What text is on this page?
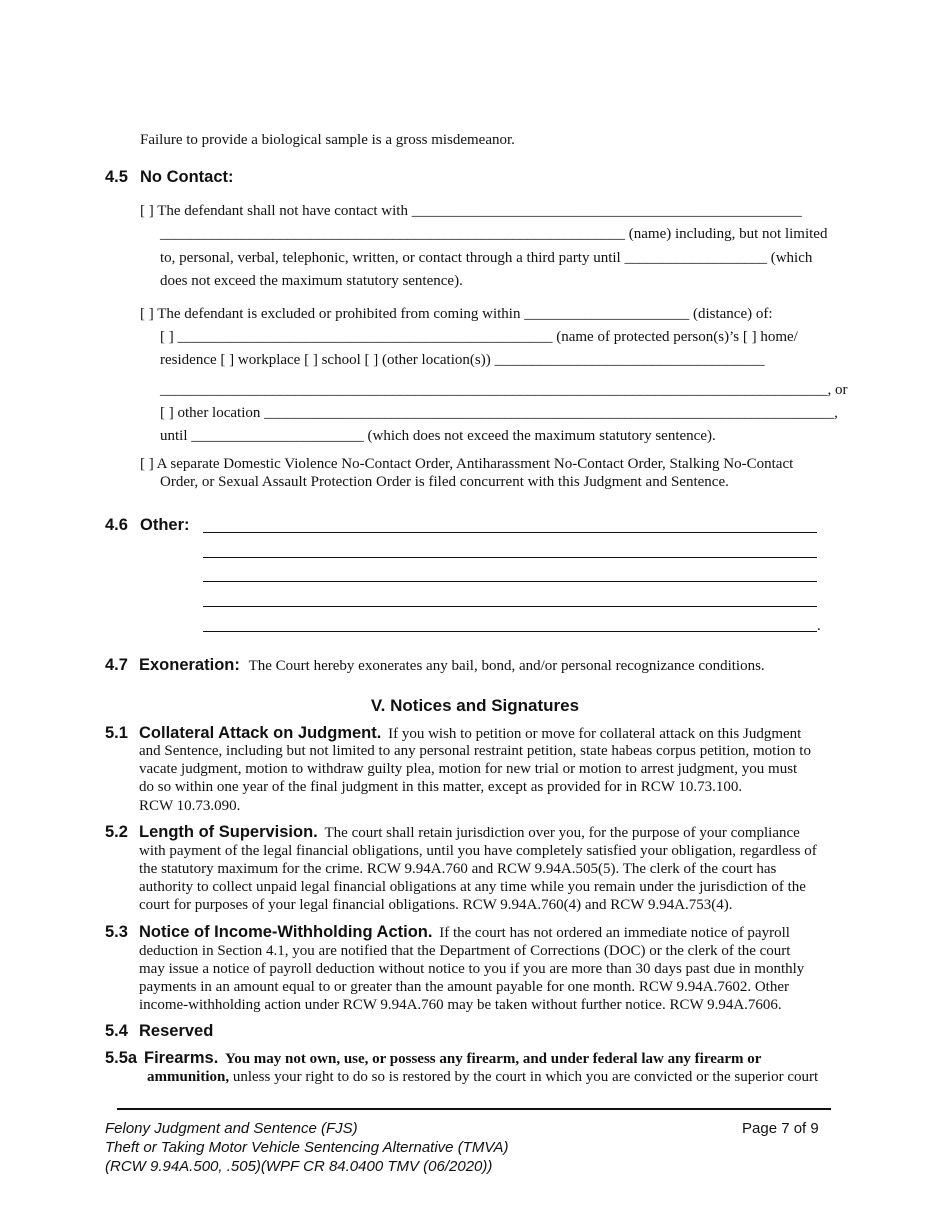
Failure to provide a biological sample is a gross misdemeanor.
4.5 No Contact:
[ ] The defendant shall not have contact with ____________________________________________________
______________________________________________________________ (name) including, but not limited
to, personal, verbal, telephonic, written, or contact through a third party until ___________________ (which
does not exceed the maximum statutory sentence).
[ ] The defendant is excluded or prohibited from coming within ______________________ (distance) of:
[ ] __________________________________________________ (name of protected person(s)’s [ ] home/
residence [ ] workplace [ ] school [ ] (other location(s)) ____________________________________
_________________________________________________________________________________________, or
[ ] other location ____________________________________________________________________________,
until _______________________ (which does not exceed the maximum statutory sentence).
[ ] A separate Domestic Violence No-Contact Order, Antiharassment No-Contact Order, Stalking No-Contact
Order, or Sexual Assault Protection Order is filed concurrent with this Judgment and Sentence.
4.6 Other:
.
4.7 Exoneration: The Court hereby exonerates any bail, bond, and/or personal recognizance conditions.
V. Notices and Signatures
5.1 Collateral Attack on Judgment. If you wish to petition or move for collateral attack on this Judgment
and Sentence, including but not limited to any personal restraint petition, state habeas corpus petition, motion to
vacate judgment, motion to withdraw guilty plea, motion for new trial or motion to arrest judgment, you must
do so within one year of the final judgment in this matter, except as provided for in RCW 10.73.100.
RCW 10.73.090.
5.2 Length of Supervision. The court shall retain jurisdiction over you, for the purpose of your compliance
with payment of the legal financial obligations, until you have completely satisfied your obligation, regardless of
the statutory maximum for the crime. RCW 9.94A.760 and RCW 9.94A.505(5). The clerk of the court has
authority to collect unpaid legal financial obligations at any time while you remain under the jurisdiction of the
court for purposes of your legal financial obligations. RCW 9.94A.760(4) and RCW 9.94A.753(4).
5.3 Notice of Income-Withholding Action. If the court has not ordered an immediate notice of payroll
deduction in Section 4.1, you are notified that the Department of Corrections (DOC) or the clerk of the court
may issue a notice of payroll deduction without notice to you if you are more than 30 days past due in monthly
payments in an amount equal to or greater than the amount payable for one month. RCW 9.94A.7602. Other
income-withholding action under RCW 9.94A.760 may be taken without further notice. RCW 9.94A.7606.
5.4 Reserved
5.5a Firearms. You may not own, use, or possess any firearm, and under federal law any firearm or
ammunition, unless your right to do so is restored by the court in which you are convicted or the superior court
Felony Judgment and Sentence (FJS)
Theft or Taking Motor Vehicle Sentencing Alternative (TMVA)
(RCW 9.94A.500, .505)(WPF CR 84.0400 TMV (06/2020))
Page 7 of 9
